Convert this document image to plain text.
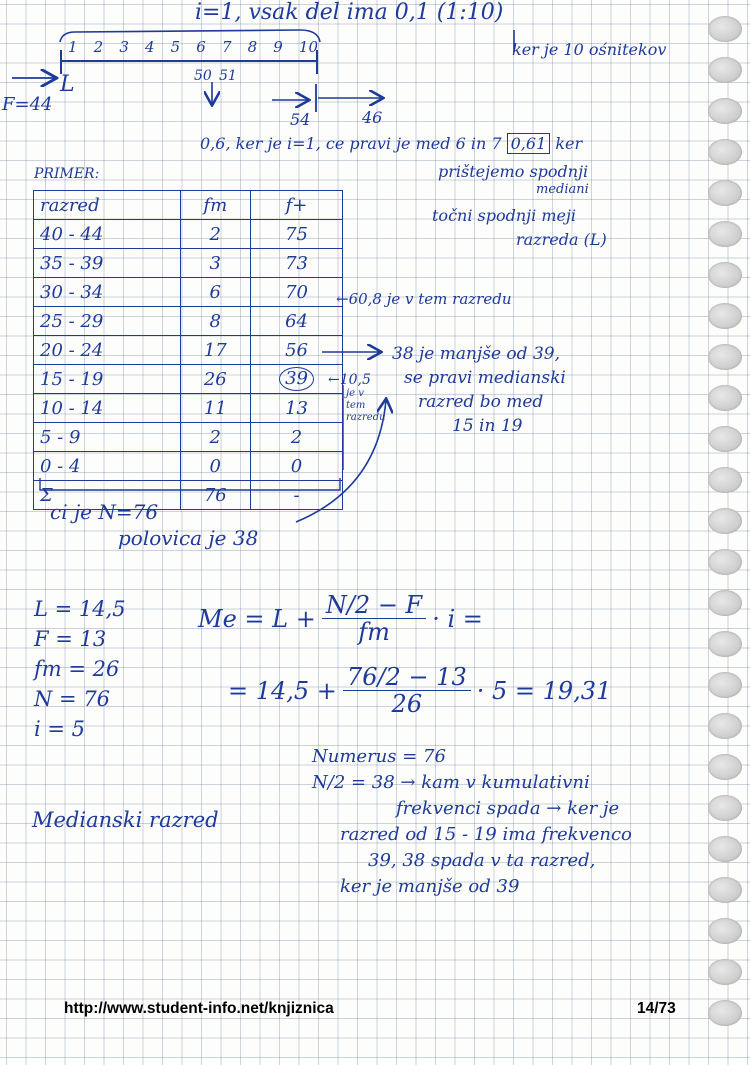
i=1, vsak del ima 0,1 (1:10)
ker je 10 ośnitekov
1 2 3 4 5 6 7 8 9 10
50 51
F=44
L
54	46
0,6, ker je i=1, ce pravi je med 6 in 7 0,61 ker
prištejemo spodnji
mediani
točni spodnji meji
razreda (L)
PRIMER:
razred	fm	f+
40 - 44	2	75
35 - 39	3	73
30 - 34	6	70
25 - 29	8	64
20 - 24	17	56
15 - 19	26	39
10 - 14	11	13
5 - 9	2	2
0 - 4	0	0
Σ	76	-
←60,8 je v tem razredu
38 je manjše od 39,
se pravi medianski
razred bo med
15 in 19
←10,5
je v
tem
razredu
ci je N=76
polovica je 38
L = 14,5
F = 13
fm = 26
N = 76
i = 5
$Me = L + \frac{N/2 - F}{fm} \cdot i$ =
= $14,5 + \frac{76/2 - 13}{26} \cdot 5 = 19,31$
Numerus = 76
N/2 = 38 → kam v kumulativni
frekvenci spada → ker je
razred od 15 - 19 ima frekvenco
39, 38 spada v ta razred,
ker je manjše od 39
Medianski razred
http://www.student-info.net/knjiznica	14/73
